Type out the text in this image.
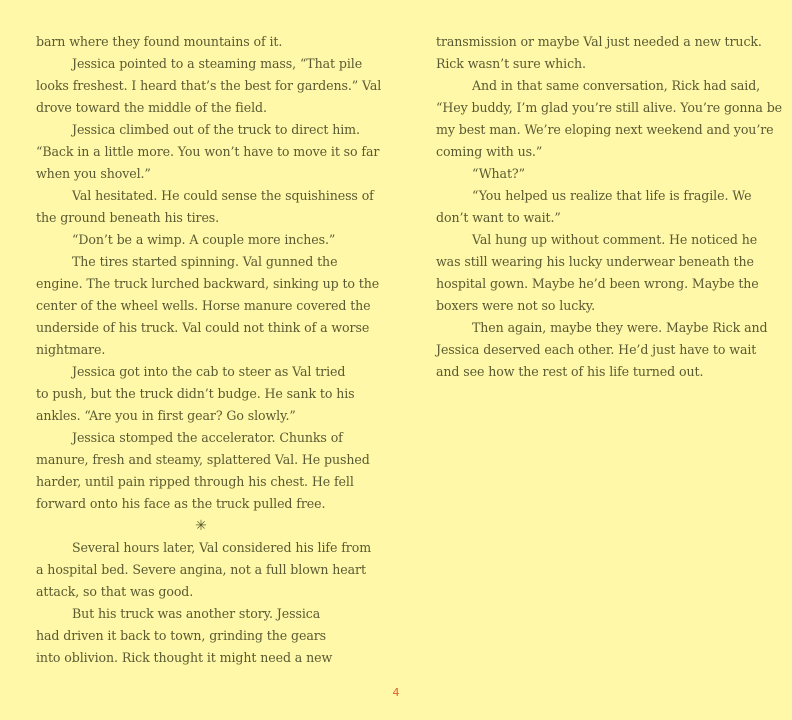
barn where they found mountains of it.
Jessica pointed to a steaming mass, “That pile
looks freshest. I heard that’s the best for gardens.” Val
drove toward the middle of the field.
Jessica climbed out of the truck to direct him.
“Back in a little more. You won’t have to move it so far
when you shovel.”
Val hesitated. He could sense the squishiness of
the ground beneath his tires.
“Don’t be a wimp. A couple more inches.”
The tires started spinning. Val gunned the
engine. The truck lurched backward, sinking up to the
center of the wheel wells. Horse manure covered the
underside of his truck. Val could not think of a worse
nightmare.
Jessica got into the cab to steer as Val tried
to push, but the truck didn’t budge. He sank to his
ankles. “Are you in first gear? Go slowly.”
Jessica stomped the accelerator. Chunks of
manure, fresh and steamy, splattered Val. He pushed
harder, until pain ripped through his chest. He fell
forward onto his face as the truck pulled free.
✳
Several hours later, Val considered his life from
a hospital bed. Severe angina, not a full blown heart
attack, so that was good.
But his truck was another story. Jessica
had driven it back to town, grinding the gears
into oblivion. Rick thought it might need a new
transmission or maybe Val just needed a new truck.
Rick wasn’t sure which.
And in that same conversation, Rick had said,
“Hey buddy, I’m glad you’re still alive. You’re gonna be
my best man. We’re eloping next weekend and you’re
coming with us.”
“What?”
“You helped us realize that life is fragile. We
don’t want to wait.”
Val hung up without comment. He noticed he
was still wearing his lucky underwear beneath the
hospital gown. Maybe he’d been wrong. Maybe the
boxers were not so lucky.
Then again, maybe they were. Maybe Rick and
Jessica deserved each other. He’d just have to wait
and see how the rest of his life turned out.
4
